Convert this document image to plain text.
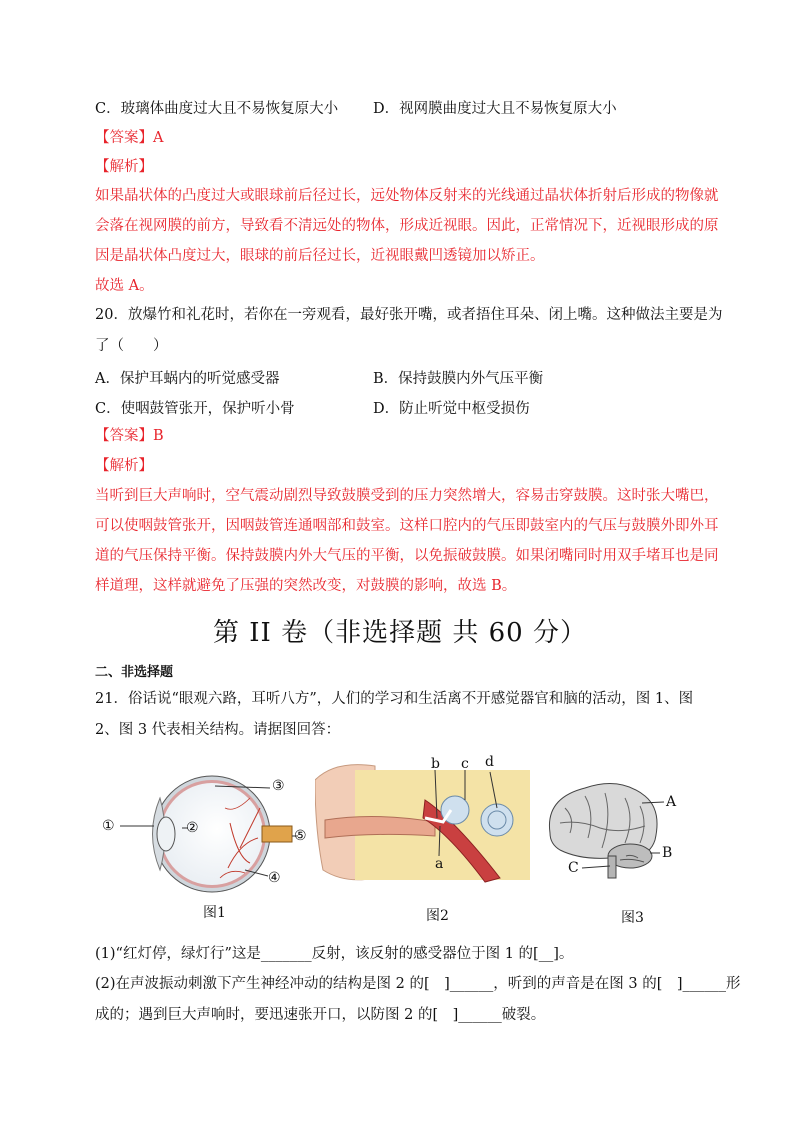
C．玻璃体曲度过大且不易恢复原大小 D．视网膜曲度过大且不易恢复原大小
【答案】A
【解析】
如果晶状体的凸度过大或眼球前后径过长，远处物体反射来的光线通过晶状体折射后形成的物像就
会落在视网膜的前方，导致看不清远处的物体，形成近视眼。因此，正常情况下，近视眼形成的原
因是晶状体凸度过大，眼球的前后径过长，近视眼戴凹透镜加以矫正。
故选 A。
20．放爆竹和礼花时，若你在一旁观看，最好张开嘴，或者捂住耳朵、闭上嘴。这种做法主要是为
了（　　）
A．保护耳蜗内的听觉感受器	B．保持鼓膜内外气压平衡
C．使咽鼓管张开，保护听小骨	D．防止听觉中枢受损伤
【答案】B
【解析】
当听到巨大声响时，空气震动剧烈导致鼓膜受到的压力突然增大，容易击穿鼓膜。这时张大嘴巴，
可以使咽鼓管张开，因咽鼓管连通咽部和鼓室。这样口腔内的气压即鼓室内的气压与鼓膜外即外耳
道的气压保持平衡。保持鼓膜内外大气压的平衡，以免振破鼓膜。如果闭嘴同时用双手堵耳也是同
样道理，这样就避免了压强的突然改变，对鼓膜的影响，故选 B。
第 II 卷（非选择题 共 60 分）
二、非选择题
21．俗话说“眼观六路，耳听八方”，人们的学习和生活离不开感觉器官和脑的活动，图 1、图
2、图 3 代表相关结构。请据图回答：
①	②
③
④
⑤
图1
b c d
a
图2
A
B
C
图3
(1)“红灯停，绿灯行”这是_______反射，该反射的感受器位于图 1 的[__]。
(2)在声波振动刺激下产生神经冲动的结构是图 2 的[　]______，听到的声音是在图 3 的[　]______形
成的；遇到巨大声响时，要迅速张开口，以防图 2 的[　]______破裂。
